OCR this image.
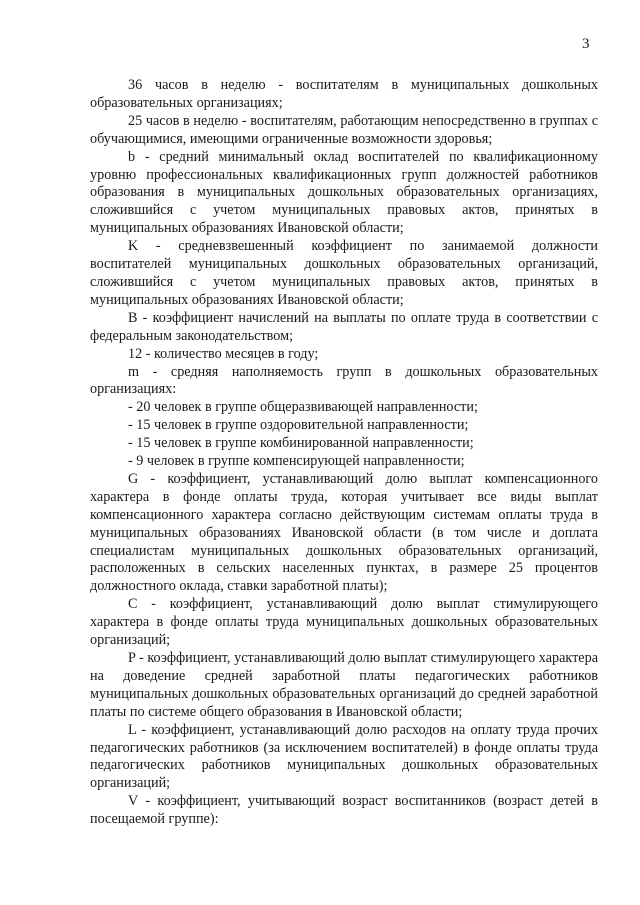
3

36 часов в неделю - воспитателям в муниципальных дошкольных образовательных организациях;

25 часов в неделю - воспитателям, работающим непосредственно в группах с обучающимися, имеющими ограниченные возможности здоровья;

b - средний минимальный оклад воспитателей по квалификационному уровню профессиональных квалификационных групп должностей работников образования в муниципальных дошкольных образовательных организациях, сложившийся с учетом муниципальных правовых актов, принятых в муниципальных образованиях Ивановской области;

K - средневзвешенный коэффициент по занимаемой должности воспитателей муниципальных дошкольных образовательных организаций, сложившийся с учетом муниципальных правовых актов, принятых в муниципальных образованиях Ивановской области;

B - коэффициент начислений на выплаты по оплате труда в соответствии с федеральным законодательством;

12 - количество месяцев в году;

m - средняя наполняемость групп в дошкольных образовательных организациях:

- 20 человек в группе общеразвивающей направленности;

- 15 человек в группе оздоровительной направленности;

- 15 человек в группе комбинированной направленности;

- 9 человек в группе компенсирующей направленности;

G - коэффициент, устанавливающий долю выплат компенсационного характера в фонде оплаты труда, которая учитывает все виды выплат компенсационного характера согласно действующим системам оплаты труда в муниципальных образованиях Ивановской области (в том числе и доплата специалистам муниципальных дошкольных образовательных организаций, расположенных в сельских населенных пунктах, в размере 25 процентов должностного оклада, ставки заработной платы);

C - коэффициент, устанавливающий долю выплат стимулирующего характера в фонде оплаты труда муниципальных дошкольных образовательных организаций;

P - коэффициент, устанавливающий долю выплат стимулирующего характера на доведение средней заработной платы педагогических работников муниципальных дошкольных образовательных организаций до средней заработной платы по системе общего образования в Ивановской области;

L - коэффициент, устанавливающий долю расходов на оплату труда прочих педагогических работников (за исключением воспитателей) в фонде оплаты труда педагогических работников муниципальных дошкольных образовательных организаций;

V - коэффициент, учитывающий возраст воспитанников (возраст детей в посещаемой группе):
